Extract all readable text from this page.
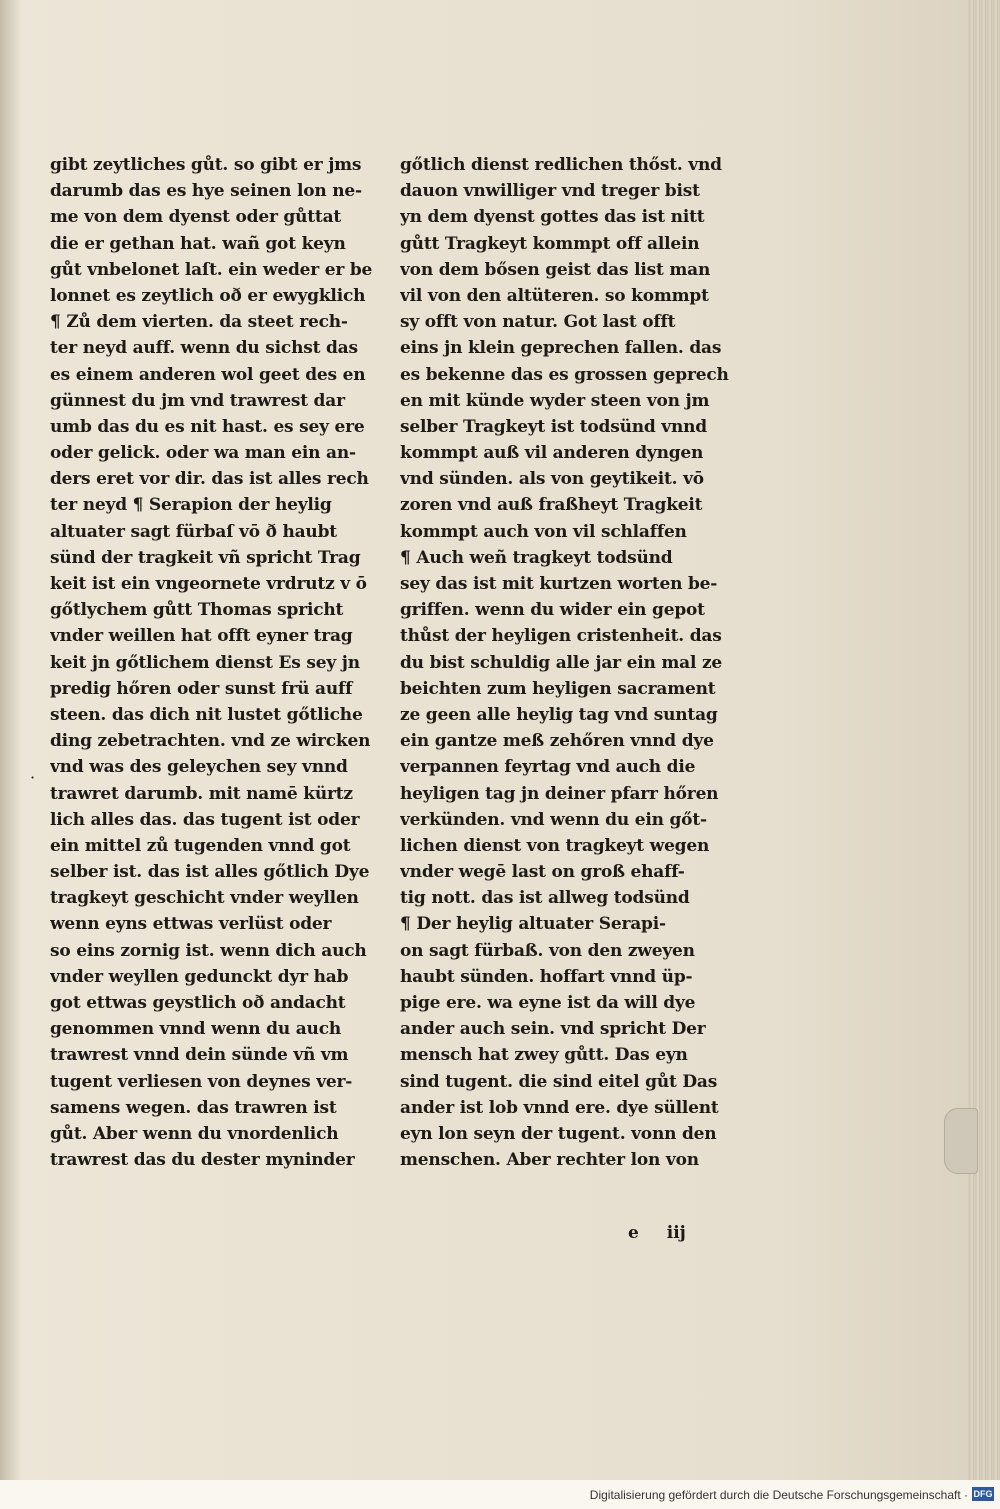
·
gibt zeytliches gůt. so gibt er jms
darumb das es hye seinen lon ne-
me von dem dyenst oder gůttat
die er gethan hat. wañ got keyn
gůt vnbelonet laſt. ein weder er be
lonnet es zeytlich oð er ewygklich
¶ Zů dem vierten. da steet rech-
ter neyd auff. wenn du sichst das
es einem anderen wol geet des en
günnest du jm vnd trawrest dar
umb das du es nit hast. es sey ere
oder gelick. oder wa man ein an-
ders eret vor dir. das ist alles rech
ter neyd ¶ Serapion der heylig
altuater sagt fürbaſ vō ð haubt
sünd der tragkeit vñ spricht Trag
keit ist ein vngeornete vrdrutz v ō
gőtlychem gůtt Thomas spricht
vnder weillen hat offt eyner trag
keit jn gőtlichem dienst Es sey jn
predig hőren oder sunst frü auff
steen. das dich nit lustet gőtliche
ding zebetrachten. vnd ze wircken
vnd was des geleychen sey vnnd
trawret darumb. mit namē kürtz
lich alles das. das tugent ist oder
ein mittel zů tugenden vnnd got
selber ist. das ist alles gőtlich Dye
tragkeyt geschicht vnder weyllen
wenn eyns ettwas verlüst oder
so eins zornig ist. wenn dich auch
vnder weyllen gedunckt dyr hab
got ettwas geystlich oð andacht
genommen vnnd wenn du auch
trawrest vnnd dein sünde vñ vm
tugent verliesen von deynes ver-
samens wegen. das trawren ist
gůt. Aber wenn du vnordenlich
trawrest das du dester myninder
gőtlich dienst redlichen thőst. vnd
dauon vnwilliger vnd treger bist
yn dem dyenst gottes das ist nitt
gůtt Tragkeyt kommpt off allein
von dem bősen geist das list man
vil von den altüteren. so kommpt
sy offt von natur. Got last offt
eins jn klein geprechen fallen. das
es bekenne das es grossen geprech
en mit künde wyder steen von jm
selber Tragkeyt ist todsünd vnnd
kommpt auß vil anderen dyngen
vnd sünden. als von geytikeit. vō
zoren vnd auß fraßheyt Tragkeit
kommpt auch von vil schlaffen
¶ Auch weñ tragkeyt todsünd
sey das ist mit kurtzen worten be-
griffen. wenn du wider ein gepot
thůst der heyligen cristenheit. das
du bist schuldig alle jar ein mal ze
beichten zum heyligen sacrament
ze geen alle heylig tag vnd suntag
ein gantze meß zehőren vnnd dye
verpannen feyrtag vnd auch die
heyligen tag jn deiner pfarr hőren
verkünden. vnd wenn du ein gőt-
lichen dienst von tragkeyt wegen
vnder wegē last on groß ehaff-
tig nott. das ist allweg todsünd
¶ Der heylig altuater Serapi-
on sagt fürbaß. von den zweyen
haubt sünden. hoffart vnnd üp-
pige ere. wa eyne ist da will dye
ander auch sein. vnd spricht Der
mensch hat zwey gůtt. Das eyn
sind tugent. die sind eitel gůt Das
ander ist lob vnnd ere. dye süllent
eyn lon seyn der tugent. vonn den
menschen. Aber rechter lon von
e iij
Digitalisierung gefördert durch die Deutsche Forschungsgemeinschaft · DFG
